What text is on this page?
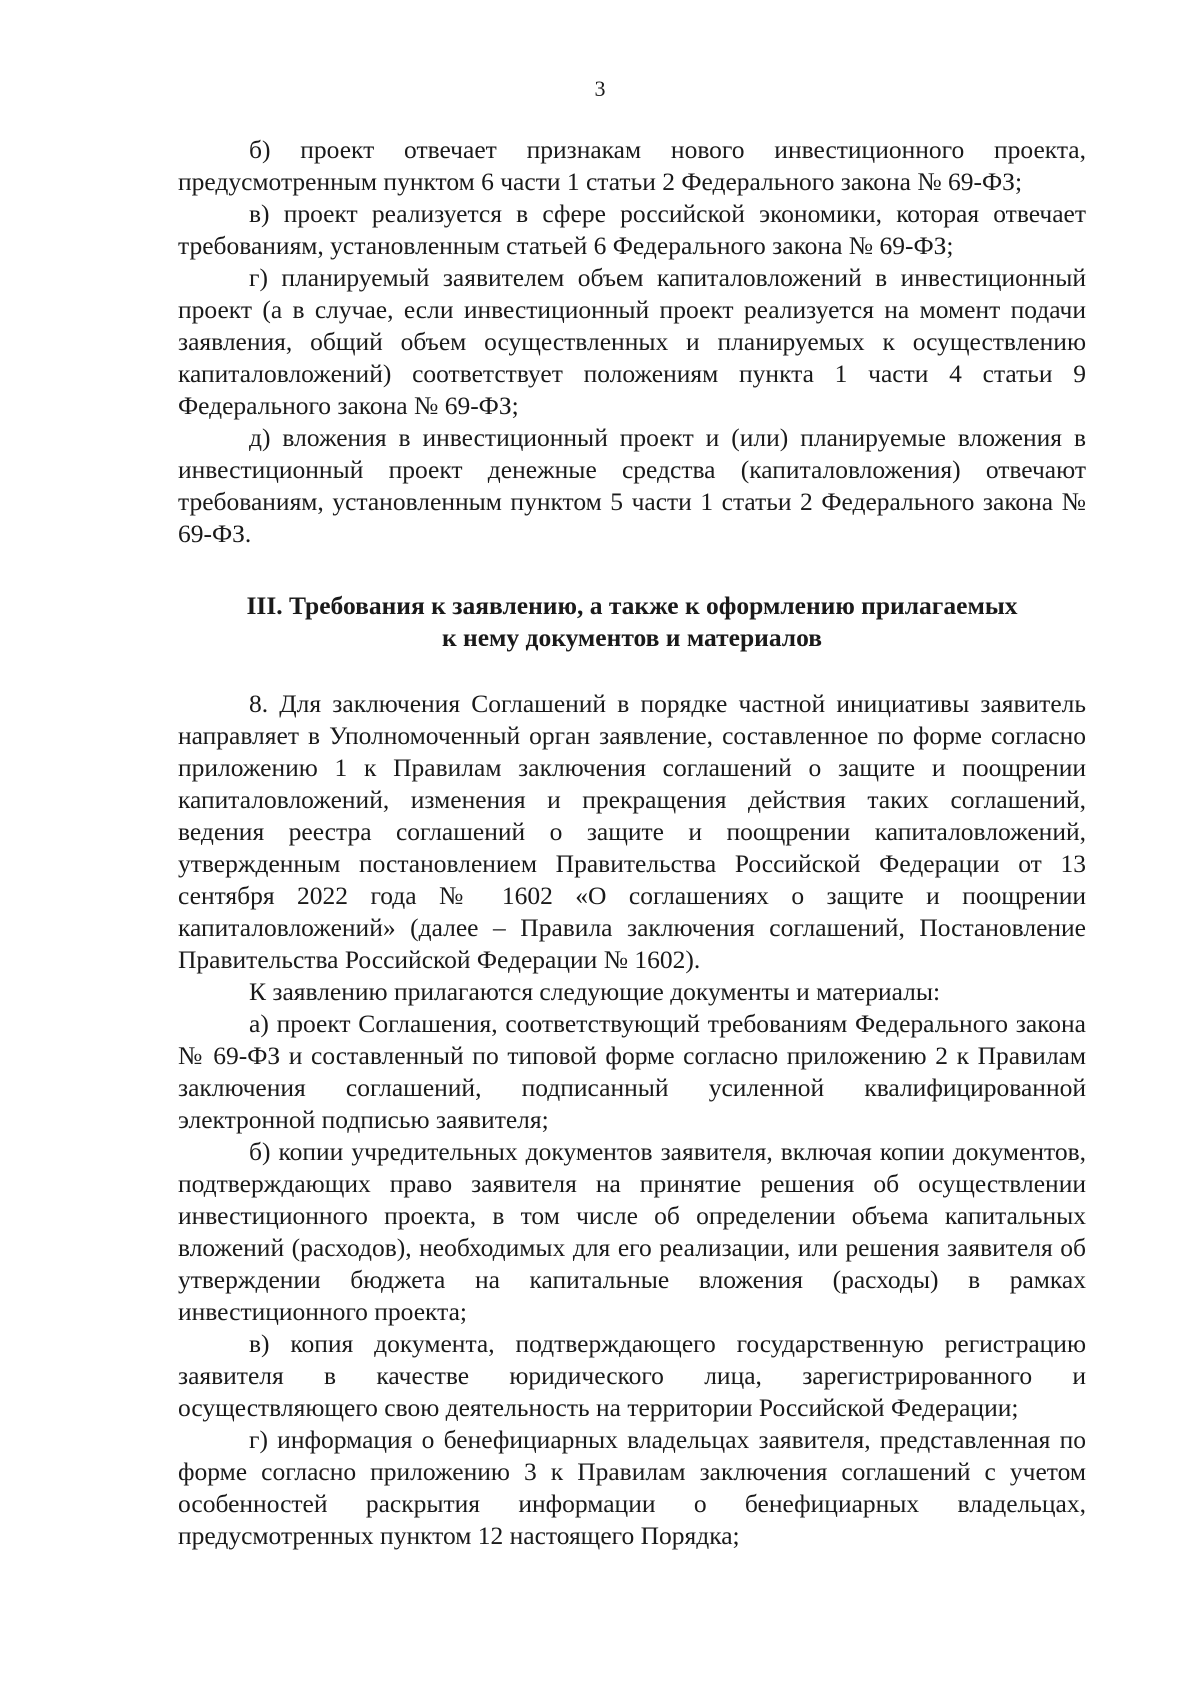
3

б) проект отвечает признакам нового инвестиционного проекта, предусмотренным пунктом 6 части 1 статьи 2 Федерального закона № 69-ФЗ;

в) проект реализуется в сфере российской экономики, которая отвечает требованиям, установленным статьей 6 Федерального закона № 69-ФЗ;

г) планируемый заявителем объем капиталовложений в инвестиционный проект (а в случае, если инвестиционный проект реализуется на момент подачи заявления, общий объем осуществленных и планируемых к осуществлению капиталовложений) соответствует положениям пункта 1 части 4 статьи 9 Федерального закона № 69-ФЗ;

д) вложения в инвестиционный проект и (или) планируемые вложения в инвестиционный проект денежные средства (капиталовложения) отвечают требованиям, установленным пунктом 5 части 1 статьи 2 Федерального закона № 69-ФЗ.

III. Требования к заявлению, а также к оформлению прилагаемых
к нему документов и материалов

8. Для заключения Соглашений в порядке частной инициативы заявитель направляет в Уполномоченный орган заявление, составленное по форме согласно приложению 1 к Правилам заключения соглашений о защите и поощрении капиталовложений, изменения и прекращения действия таких соглашений, ведения реестра соглашений о защите и поощрении капиталовложений, утвержденным постановлением Правительства Российской Федерации от 13 сентября 2022 года № 1602 «О соглашениях о защите и поощрении капиталовложений» (далее – Правила заключения соглашений, Постановление Правительства Российской Федерации № 1602).

К заявлению прилагаются следующие документы и материалы:

а) проект Соглашения, соответствующий требованиям Федерального закона № 69-ФЗ и составленный по типовой форме согласно приложению 2 к Правилам заключения соглашений, подписанный усиленной квалифицированной электронной подписью заявителя;

б) копии учредительных документов заявителя, включая копии документов, подтверждающих право заявителя на принятие решения об осуществлении инвестиционного проекта, в том числе об определении объема капитальных вложений (расходов), необходимых для его реализации, или решения заявителя об утверждении бюджета на капитальные вложения (расходы) в рамках инвестиционного проекта;

в) копия документа, подтверждающего государственную регистрацию заявителя в качестве юридического лица, зарегистрированного и осуществляющего свою деятельность на территории Российской Федерации;

г) информация о бенефициарных владельцах заявителя, представленная по форме согласно приложению 3 к Правилам заключения соглашений с учетом особенностей раскрытия информации о бенефициарных владельцах, предусмотренных пунктом 12 настоящего Порядка;
